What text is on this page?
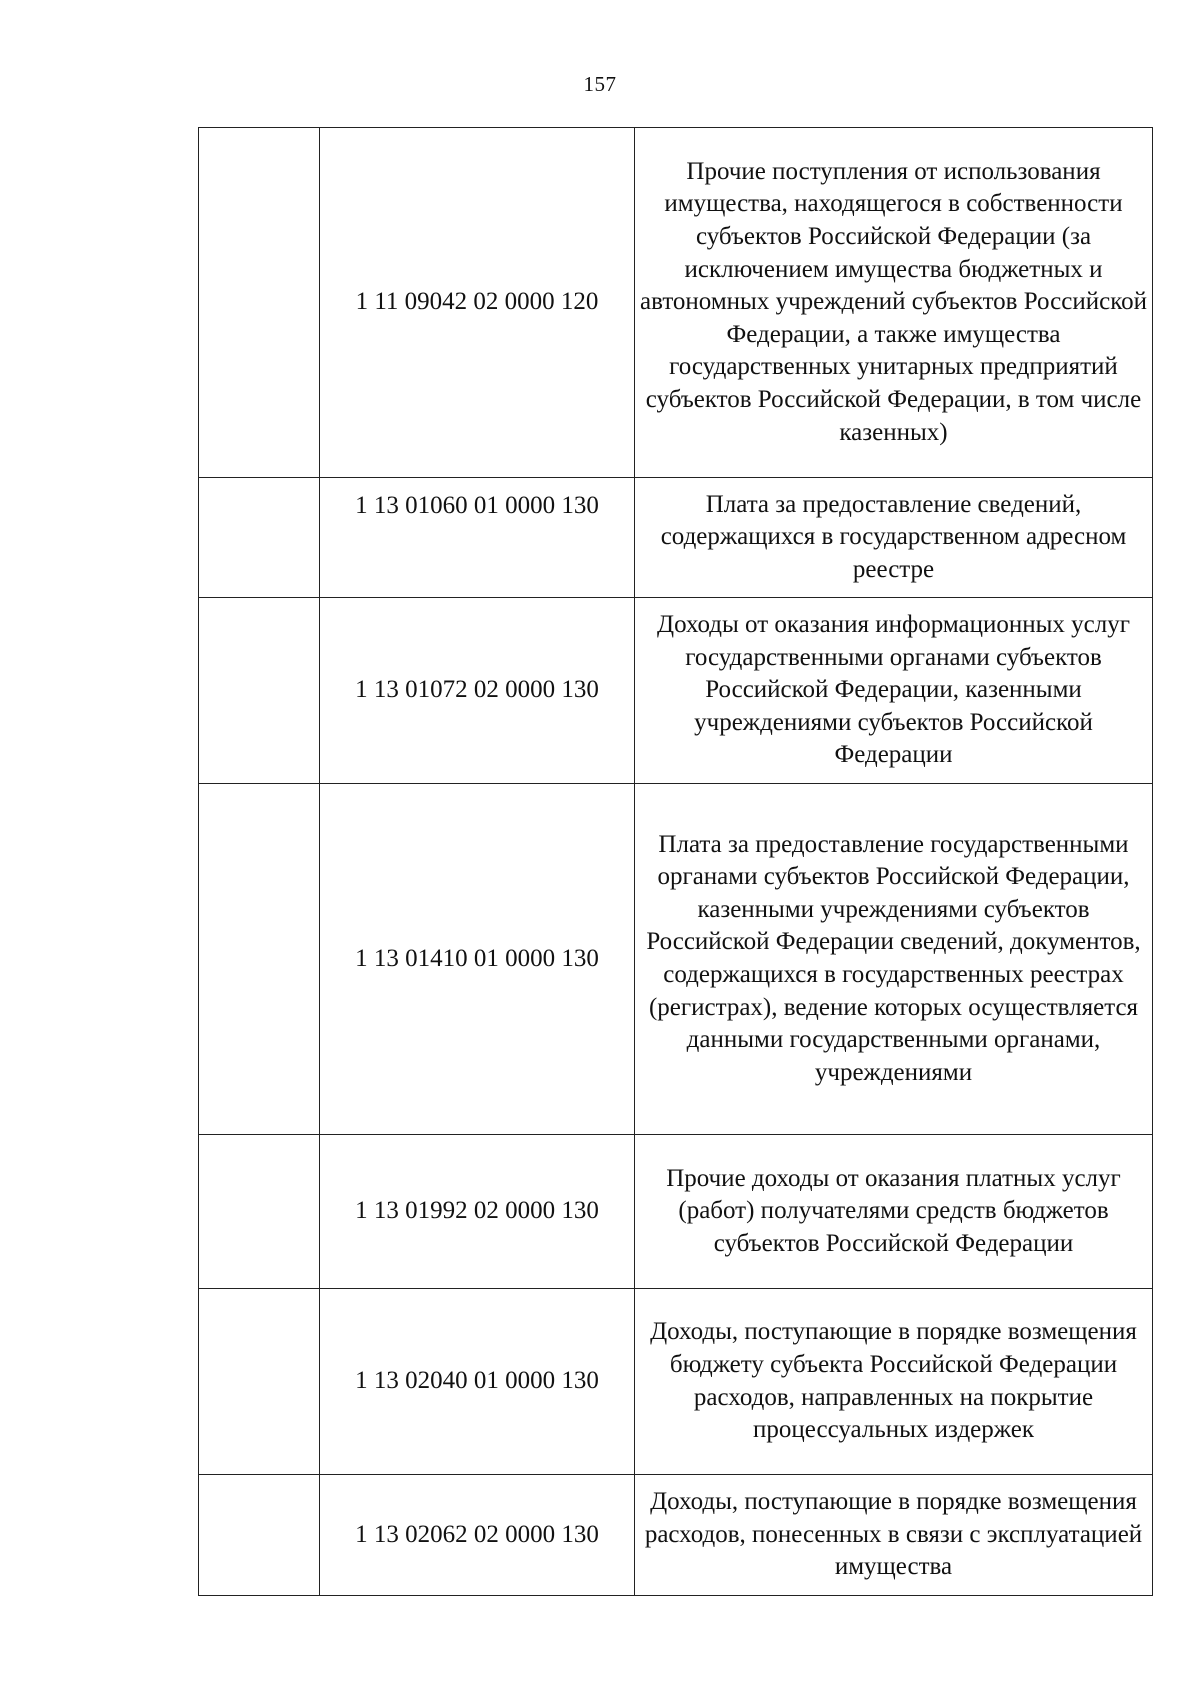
157
	1 11 09042 02 0000 120	Прочие поступления от использования имущества, находящегося в собственности субъектов Российской Федерации (за исключением имущества бюджетных и автономных учреждений субъектов Российской Федерации, а также имущества государственных унитарных предприятий субъектов Российской Федерации, в том числе казенных)
	1 13 01060 01 0000 130	Плата за предоставление сведений, содержащихся в государственном адресном реестре
	1 13 01072 02 0000 130	Доходы от оказания информационных услуг государственными органами субъектов Российской Федерации, казенными учреждениями субъектов Российской Федерации
	1 13 01410 01 0000 130	Плата за предоставление государственными органами субъектов Российской Федерации, казенными учреждениями субъектов Российской Федерации сведений, документов, содержащихся в государственных реестрах (регистрах), ведение которых осуществляется данными государственными органами, учреждениями
	1 13 01992 02 0000 130	Прочие доходы от оказания платных услуг (работ) получателями средств бюджетов субъектов Российской Федерации
	1 13 02040 01 0000 130	Доходы, поступающие в порядке возмещения бюджету субъекта Российской Федерации расходов, направленных на покрытие процессуальных издержек
	1 13 02062 02 0000 130	Доходы, поступающие в порядке возмещения расходов, понесенных в связи с эксплуатацией имущества
